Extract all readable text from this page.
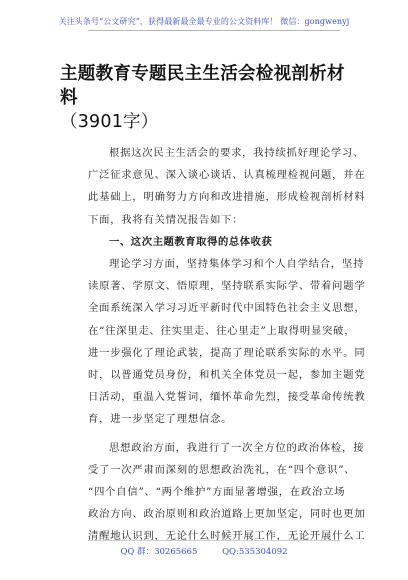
关注头条号“公文研究”，获得最新最全最专业的公文资料库！ 微信：gongwenyj
主题教育专题民主生活会检视剖析材料
（3901字）
根据这次民主生活会的要求，我持续抓好理论学习、
广泛征求意见、深入谈心谈话、认真梳理检视问题，并在
此基础上，明确努力方向和改进措施，形成检视剖析材料
下面，我将有关情况报告如下：
一、这次主题教育取得的总体收获
理论学习方面，坚持集体学习和个人自学结合，坚持
读原著、学原文、悟原理，坚持联系实际学、带着问题学
全面系统深入学习习近平新时代中国特色社会主义思想，
在“往深里走、往实里走、往心里走”上取得明显突破，
进一步强化了理论武装，提高了理论联系实际的水平。同
时，以普通党员身份，和机关全体党员一起，参加主题党
日活动，重温入党誓词，缅怀革命先烈，接受革命传统教
育，进一步坚定了理想信念。
思想政治方面，我进行了一次全方位的政治体检，接
受了一次严肃而深刻的思想政治洗礼，在“四个意识”、
“四个自信”、“两个维护”方面显著增强，在政治立场
政治方向、政治原则和政治道路上更加坚定，同时也更加
清醒地认识到，无论什么时候开展工作，无论开展什么工
QQ 群：30265665	QQ:535304092
